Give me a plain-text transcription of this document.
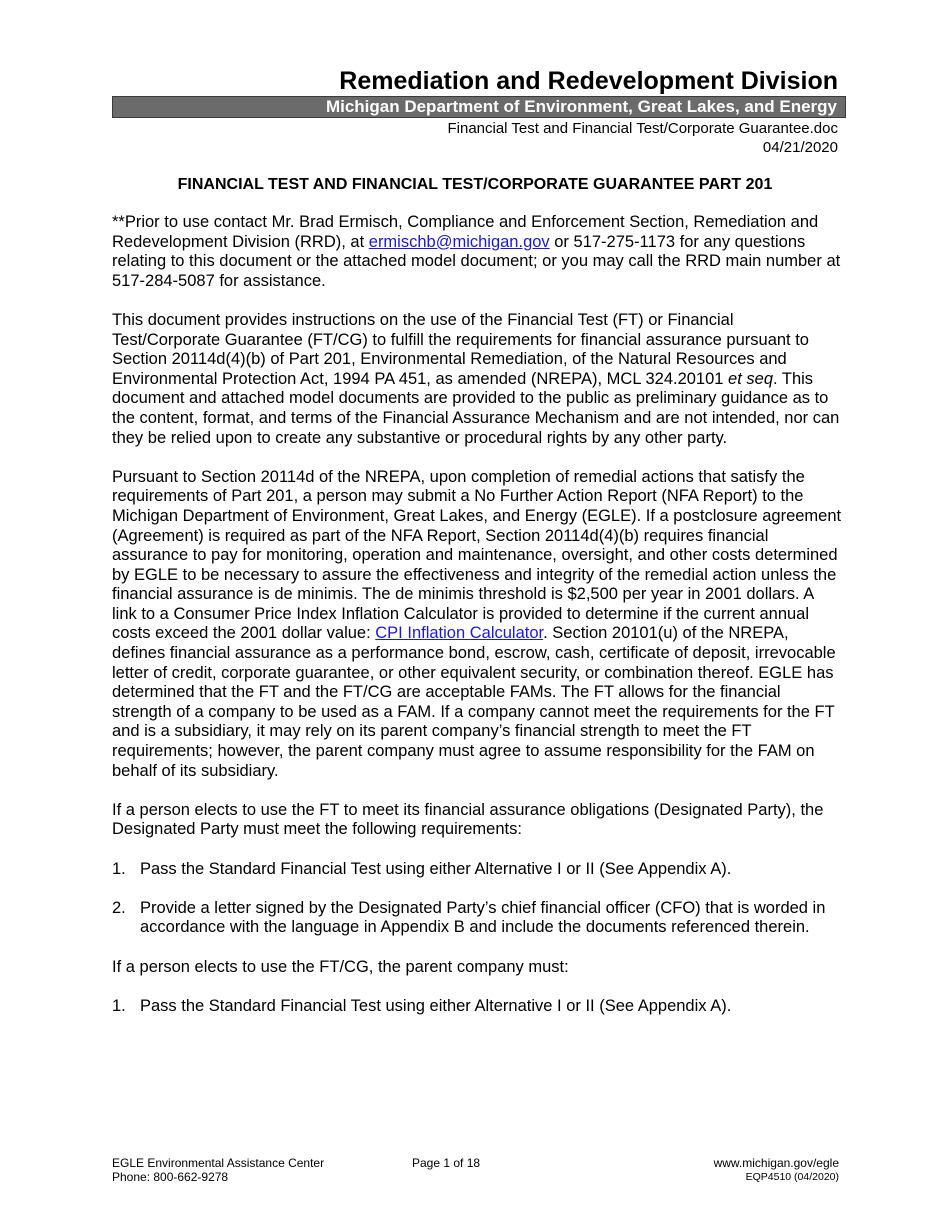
Remediation and Redevelopment Division
Michigan Department of Environment, Great Lakes, and Energy
Financial Test and Financial Test/Corporate Guarantee.doc
04/21/2020
FINANCIAL TEST AND FINANCIAL TEST/CORPORATE GUARANTEE PART 201

**Prior to use contact Mr. Brad Ermisch, Compliance and Enforcement Section, Remediation and Redevelopment Division (RRD), at ermischb@michigan.gov or 517-275-1173 for any questions relating to this document or the attached model document; or you may call the RRD main number at 517-284-5087 for assistance.

This document provides instructions on the use of the Financial Test (FT) or Financial Test/Corporate Guarantee (FT/CG) to fulfill the requirements for financial assurance pursuant to Section 20114d(4)(b) of Part 201, Environmental Remediation, of the Natural Resources and Environmental Protection Act, 1994 PA 451, as amended (NREPA), MCL 324.20101 et seq. This document and attached model documents are provided to the public as preliminary guidance as to the content, format, and terms of the Financial Assurance Mechanism and are not intended, nor can they be relied upon to create any substantive or procedural rights by any other party.

Pursuant to Section 20114d of the NREPA, upon completion of remedial actions that satisfy the requirements of Part 201, a person may submit a No Further Action Report (NFA Report) to the Michigan Department of Environment, Great Lakes, and Energy (EGLE). If a postclosure agreement (Agreement) is required as part of the NFA Report, Section 20114d(4)(b) requires financial assurance to pay for monitoring, operation and maintenance, oversight, and other costs determined by EGLE to be necessary to assure the effectiveness and integrity of the remedial action unless the financial assurance is de minimis. The de minimis threshold is $2,500 per year in 2001 dollars. A link to a Consumer Price Index Inflation Calculator is provided to determine if the current annual costs exceed the 2001 dollar value: CPI Inflation Calculator. Section 20101(u) of the NREPA, defines financial assurance as a performance bond, escrow, cash, certificate of deposit, irrevocable letter of credit, corporate guarantee, or other equivalent security, or combination thereof. EGLE has determined that the FT and the FT/CG are acceptable FAMs. The FT allows for the financial strength of a company to be used as a FAM. If a company cannot meet the requirements for the FT and is a subsidiary, it may rely on its parent company’s financial strength to meet the FT requirements; however, the parent company must agree to assume responsibility for the FAM on behalf of its subsidiary.

If a person elects to use the FT to meet its financial assurance obligations (Designated Party), the Designated Party must meet the following requirements:

1. Pass the Standard Financial Test using either Alternative I or II (See Appendix A).
2. Provide a letter signed by the Designated Party’s chief financial officer (CFO) that is worded in accordance with the language in Appendix B and include the documents referenced therein.

If a person elects to use the FT/CG, the parent company must:

1. Pass the Standard Financial Test using either Alternative I or II (See Appendix A).
EGLE Environmental Assistance Center
Phone: 800-662-9278
Page 1 of 18	www.michigan.gov/egle
EQP4510 (04/2020)
